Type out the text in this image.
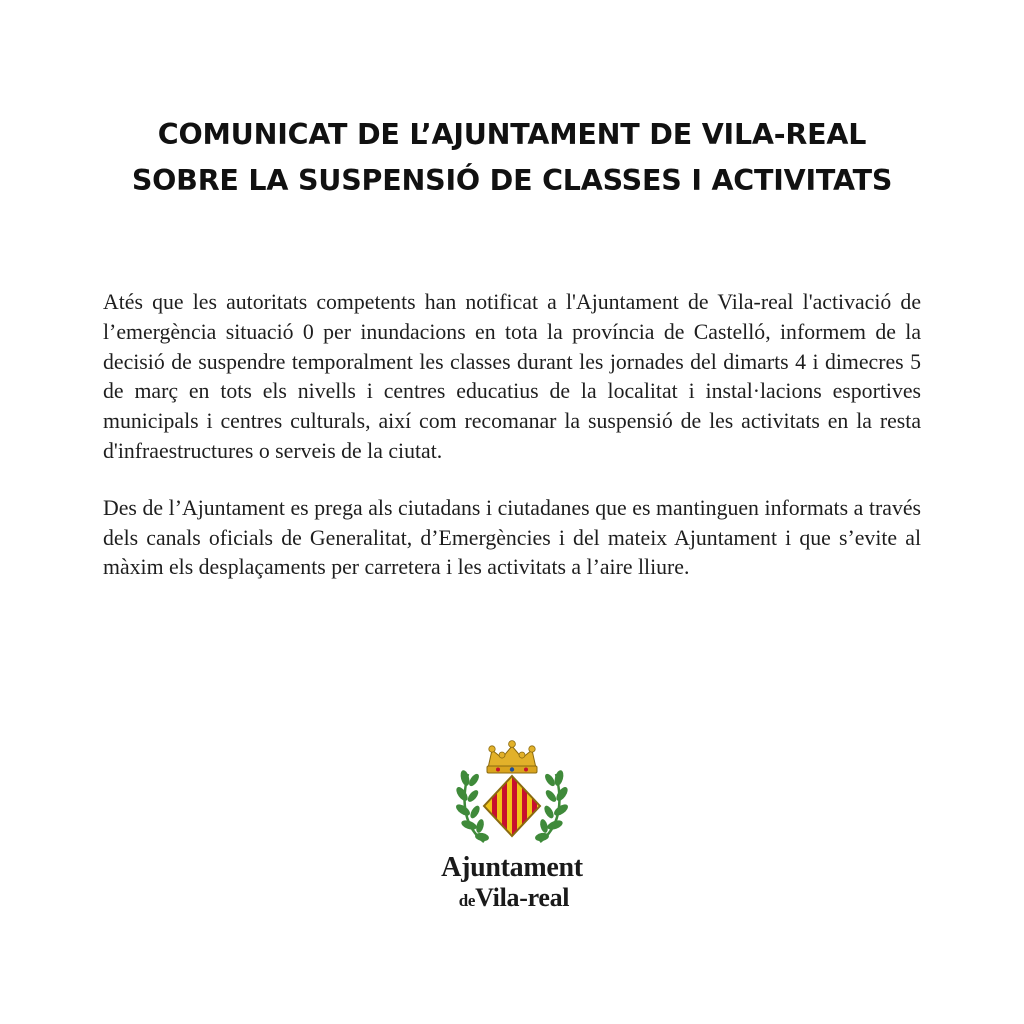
COMUNICAT DE L’AJUNTAMENT DE VILA-REAL
SOBRE LA SUSPENSIÓ DE CLASSES I ACTIVITATS

Atés que les autoritats competents han notificat a l'Ajuntament de Vila-real l'activació de l’emergència situació 0 per inundacions en tota la província de Castelló, informem de la decisió de suspendre temporalment les classes durant les jornades del dimarts 4 i dimecres 5 de març en tots els nivells i centres educatius de la localitat i instal·lacions esportives municipals i centres culturals, així com recomanar la suspensió de les activitats en la resta d'infraestructures o serveis de la ciutat.

Des de l’Ajuntament es prega als ciutadans i ciutadanes que es mantinguen informats a través dels canals oficials de Generalitat, d’Emergències i del mateix Ajuntament i que s’evite al màxim els desplaçaments per carretera i les activitats a l’aire lliure.

Ajuntament
deVila-real
